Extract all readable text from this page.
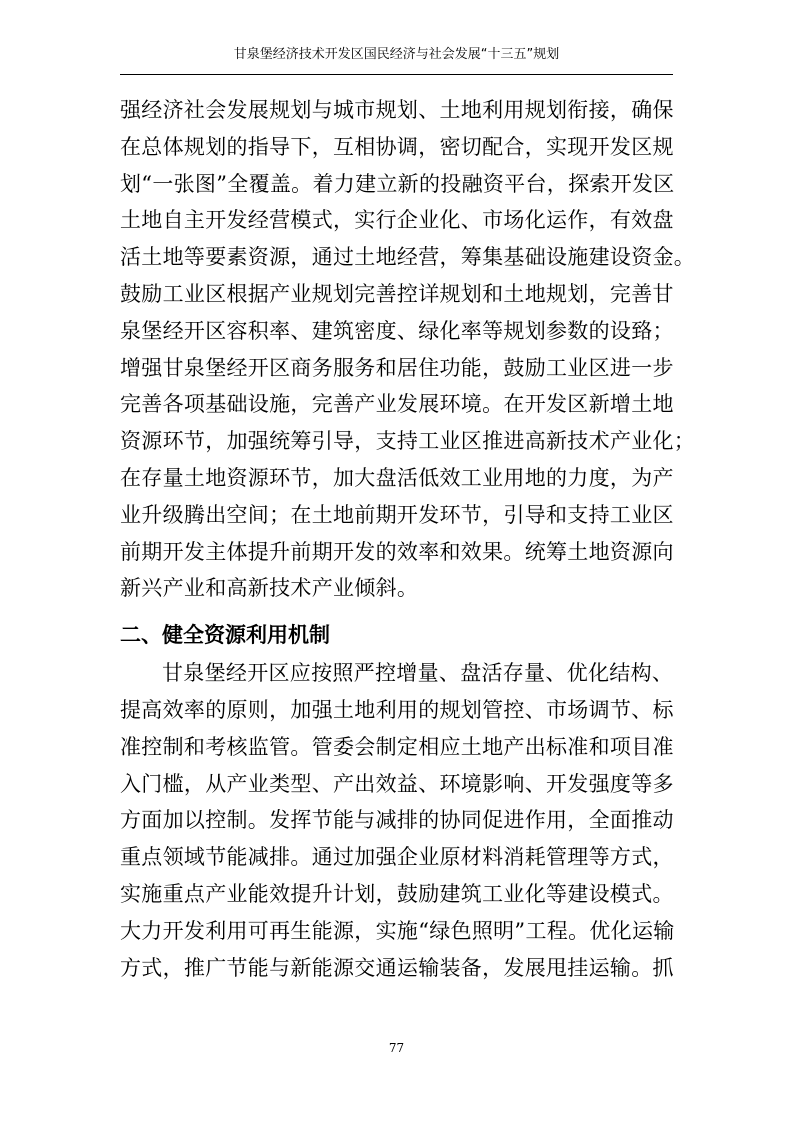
甘泉堡经济技术开发区国民经济与社会发展“十三五”规划
强经济社会发展规划与城市规划、土地利用规划衔接，确保
在总体规划的指导下，互相协调，密切配合，实现开发区规
划“一张图”全覆盖。着力建立新的投融资平台，探索开发区
土地自主开发经营模式，实行企业化、市场化运作，有效盘
活土地等要素资源，通过土地经营，筹集基础设施建设资金。
鼓励工业区根据产业规划完善控详规划和土地规划，完善甘
泉堡经开区容积率、建筑密度、绿化率等规划参数的设臵；
增强甘泉堡经开区商务服务和居住功能，鼓励工业区进一步
完善各项基础设施，完善产业发展环境。在开发区新增土地
资源环节，加强统筹引导，支持工业区推进高新技术产业化；
在存量土地资源环节，加大盘活低效工业用地的力度，为产
业升级腾出空间；在土地前期开发环节，引导和支持工业区
前期开发主体提升前期开发的效率和效果。统筹土地资源向
新兴产业和高新技术产业倾斜。
二、健全资源利用机制
甘泉堡经开区应按照严控增量、盘活存量、优化结构、
提高效率的原则，加强土地利用的规划管控、市场调节、标
准控制和考核监管。管委会制定相应土地产出标准和项目准
入门槛，从产业类型、产出效益、环境影响、开发强度等多
方面加以控制。发挥节能与减排的协同促进作用，全面推动
重点领域节能减排。通过加强企业原材料消耗管理等方式，
实施重点产业能效提升计划，鼓励建筑工业化等建设模式。
大力开发利用可再生能源，实施“绿色照明”工程。优化运输
方式，推广节能与新能源交通运输装备，发展甩挂运输。抓
77
